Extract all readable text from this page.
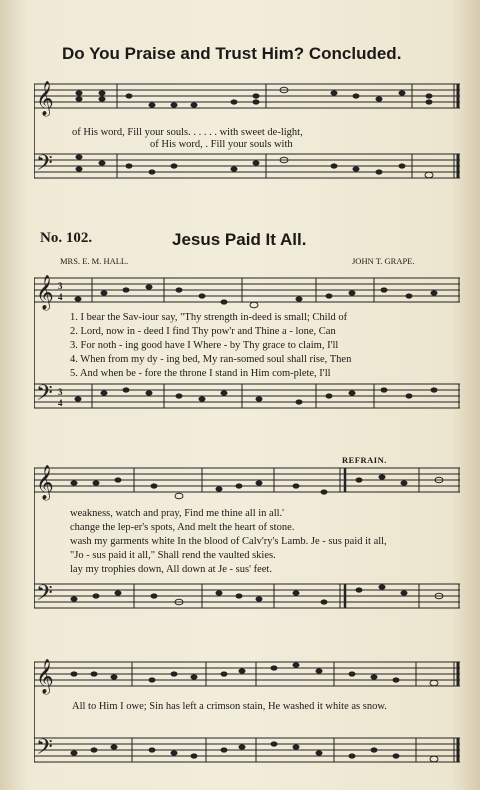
Do You Praise and Trust Him? Concluded.
𝄞
𝄢
of His word, Fill your souls. . . . . . with sweet de-light,
of His word, . Fill your souls with
No. 102.	Jesus Paid It All.
MRS. E. M. HALL.	JOHN T. GRAPE.
𝄞
𝄢
3
4
3
4
1. I bear the Sav-iour say, "Thy strength in-deed is small; Child of
2. Lord, now in - deed I find Thy pow'r and Thine a - lone, Can
3. For noth - ing good have I Where - by Thy grace to claim, I'll
4. When from my dy - ing bed, My ran-somed soul shall rise, Then
5. And when be - fore the throne I stand in Him com-plete, I'll
REFRAIN.
𝄞
𝄢
weakness, watch and pray, Find me thine all in all.'
change the lep-er's spots, And melt the heart of stone.
wash my garments white In the blood of Calv'ry's Lamb. Je - sus paid it all,
"Jo - sus paid it all," Shall rend the vaulted skies.
lay my trophies down, All down at Je - sus' feet.
𝄞
𝄢
All to Him I owe; Sin has left a crimson stain, He washed it white as snow.
